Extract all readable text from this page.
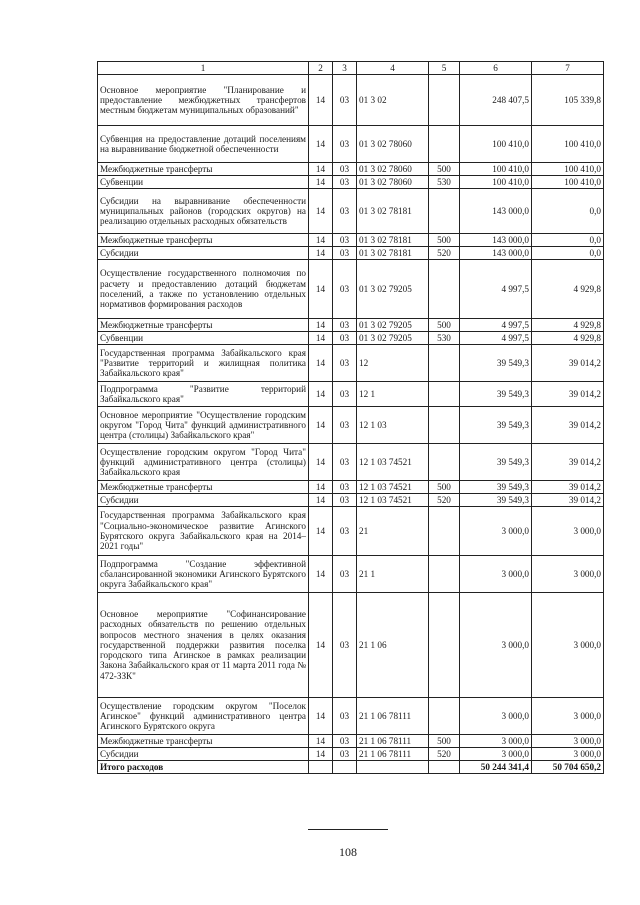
1	2	3	4	5	6	7
Основное мероприятие "Планирование и предоставление межбюджетных трансфертов местным бюджетам муниципальных образований"	14	03	01 3 02		248 407,5	105 339,8
Субвенция на предоставление дотаций поселениям на выравнивание бюджетной обеспеченности	14	03	01 3 02 78060		100 410,0	100 410,0
Межбюджетные трансферты	14	03	01 3 02 78060	500	100 410,0	100 410,0
Субвенции	14	03	01 3 02 78060	530	100 410,0	100 410,0
Субсидии на выравнивание обеспеченности муниципальных районов (городских округов) на реализацию отдельных расходных обязательств	14	03	01 3 02 78181		143 000,0	0,0
Межбюджетные трансферты	14	03	01 3 02 78181	500	143 000,0	0,0
Субсидии	14	03	01 3 02 78181	520	143 000,0	0,0
Осуществление государственного полномочия по расчету и предоставлению дотаций бюджетам поселений, а также по установлению отдельных нормативов формирования расходов	14	03	01 3 02 79205		4 997,5	4 929,8
Межбюджетные трансферты	14	03	01 3 02 79205	500	4 997,5	4 929,8
Субвенции	14	03	01 3 02 79205	530	4 997,5	4 929,8
Государственная программа Забайкальского края "Развитие территорий и жилищная политика Забайкальского края"	14	03	12		39 549,3	39 014,2
Подпрограмма "Развитие территорий Забайкальского края"	14	03	12 1		39 549,3	39 014,2
Основное мероприятие "Осуществление городским округом "Город Чита" функций административного центра (столицы) Забайкальского края"	14	03	12 1 03		39 549,3	39 014,2
Осуществление городским округом "Город Чита" функций административного центра (столицы) Забайкальского края	14	03	12 1 03 74521		39 549,3	39 014,2
Межбюджетные трансферты	14	03	12 1 03 74521	500	39 549,3	39 014,2
Субсидии	14	03	12 1 03 74521	520	39 549,3	39 014,2
Государственная программа Забайкальского края "Социально-экономическое развитие Агинского Бурятского округа Забайкальского края на 2014–2021 годы"	14	03	21		3 000,0	3 000,0
Подпрограмма "Создание эффективной сбалансированной экономики Агинского Бурятского округа Забайкальского края"	14	03	21 1		3 000,0	3 000,0
Основное мероприятие "Софинансирование расходных обязательств по решению отдельных вопросов местного значения в целях оказания государственной поддержки развития поселка городского типа Агинское в рамках реализации Закона Забайкальского края от 11 марта 2011 года № 472-ЗЗК"	14	03	21 1 06		3 000,0	3 000,0
Осуществление городским округом "Поселок Агинское" функций административного центра Агинского Бурятского округа	14	03	21 1 06 78111		3 000,0	3 000,0
Межбюджетные трансферты	14	03	21 1 06 78111	500	3 000,0	3 000,0
Субсидии	14	03	21 1 06 78111	520	3 000,0	3 000,0
Итого расходов					50 244 341,4	50 704 650,2
108
